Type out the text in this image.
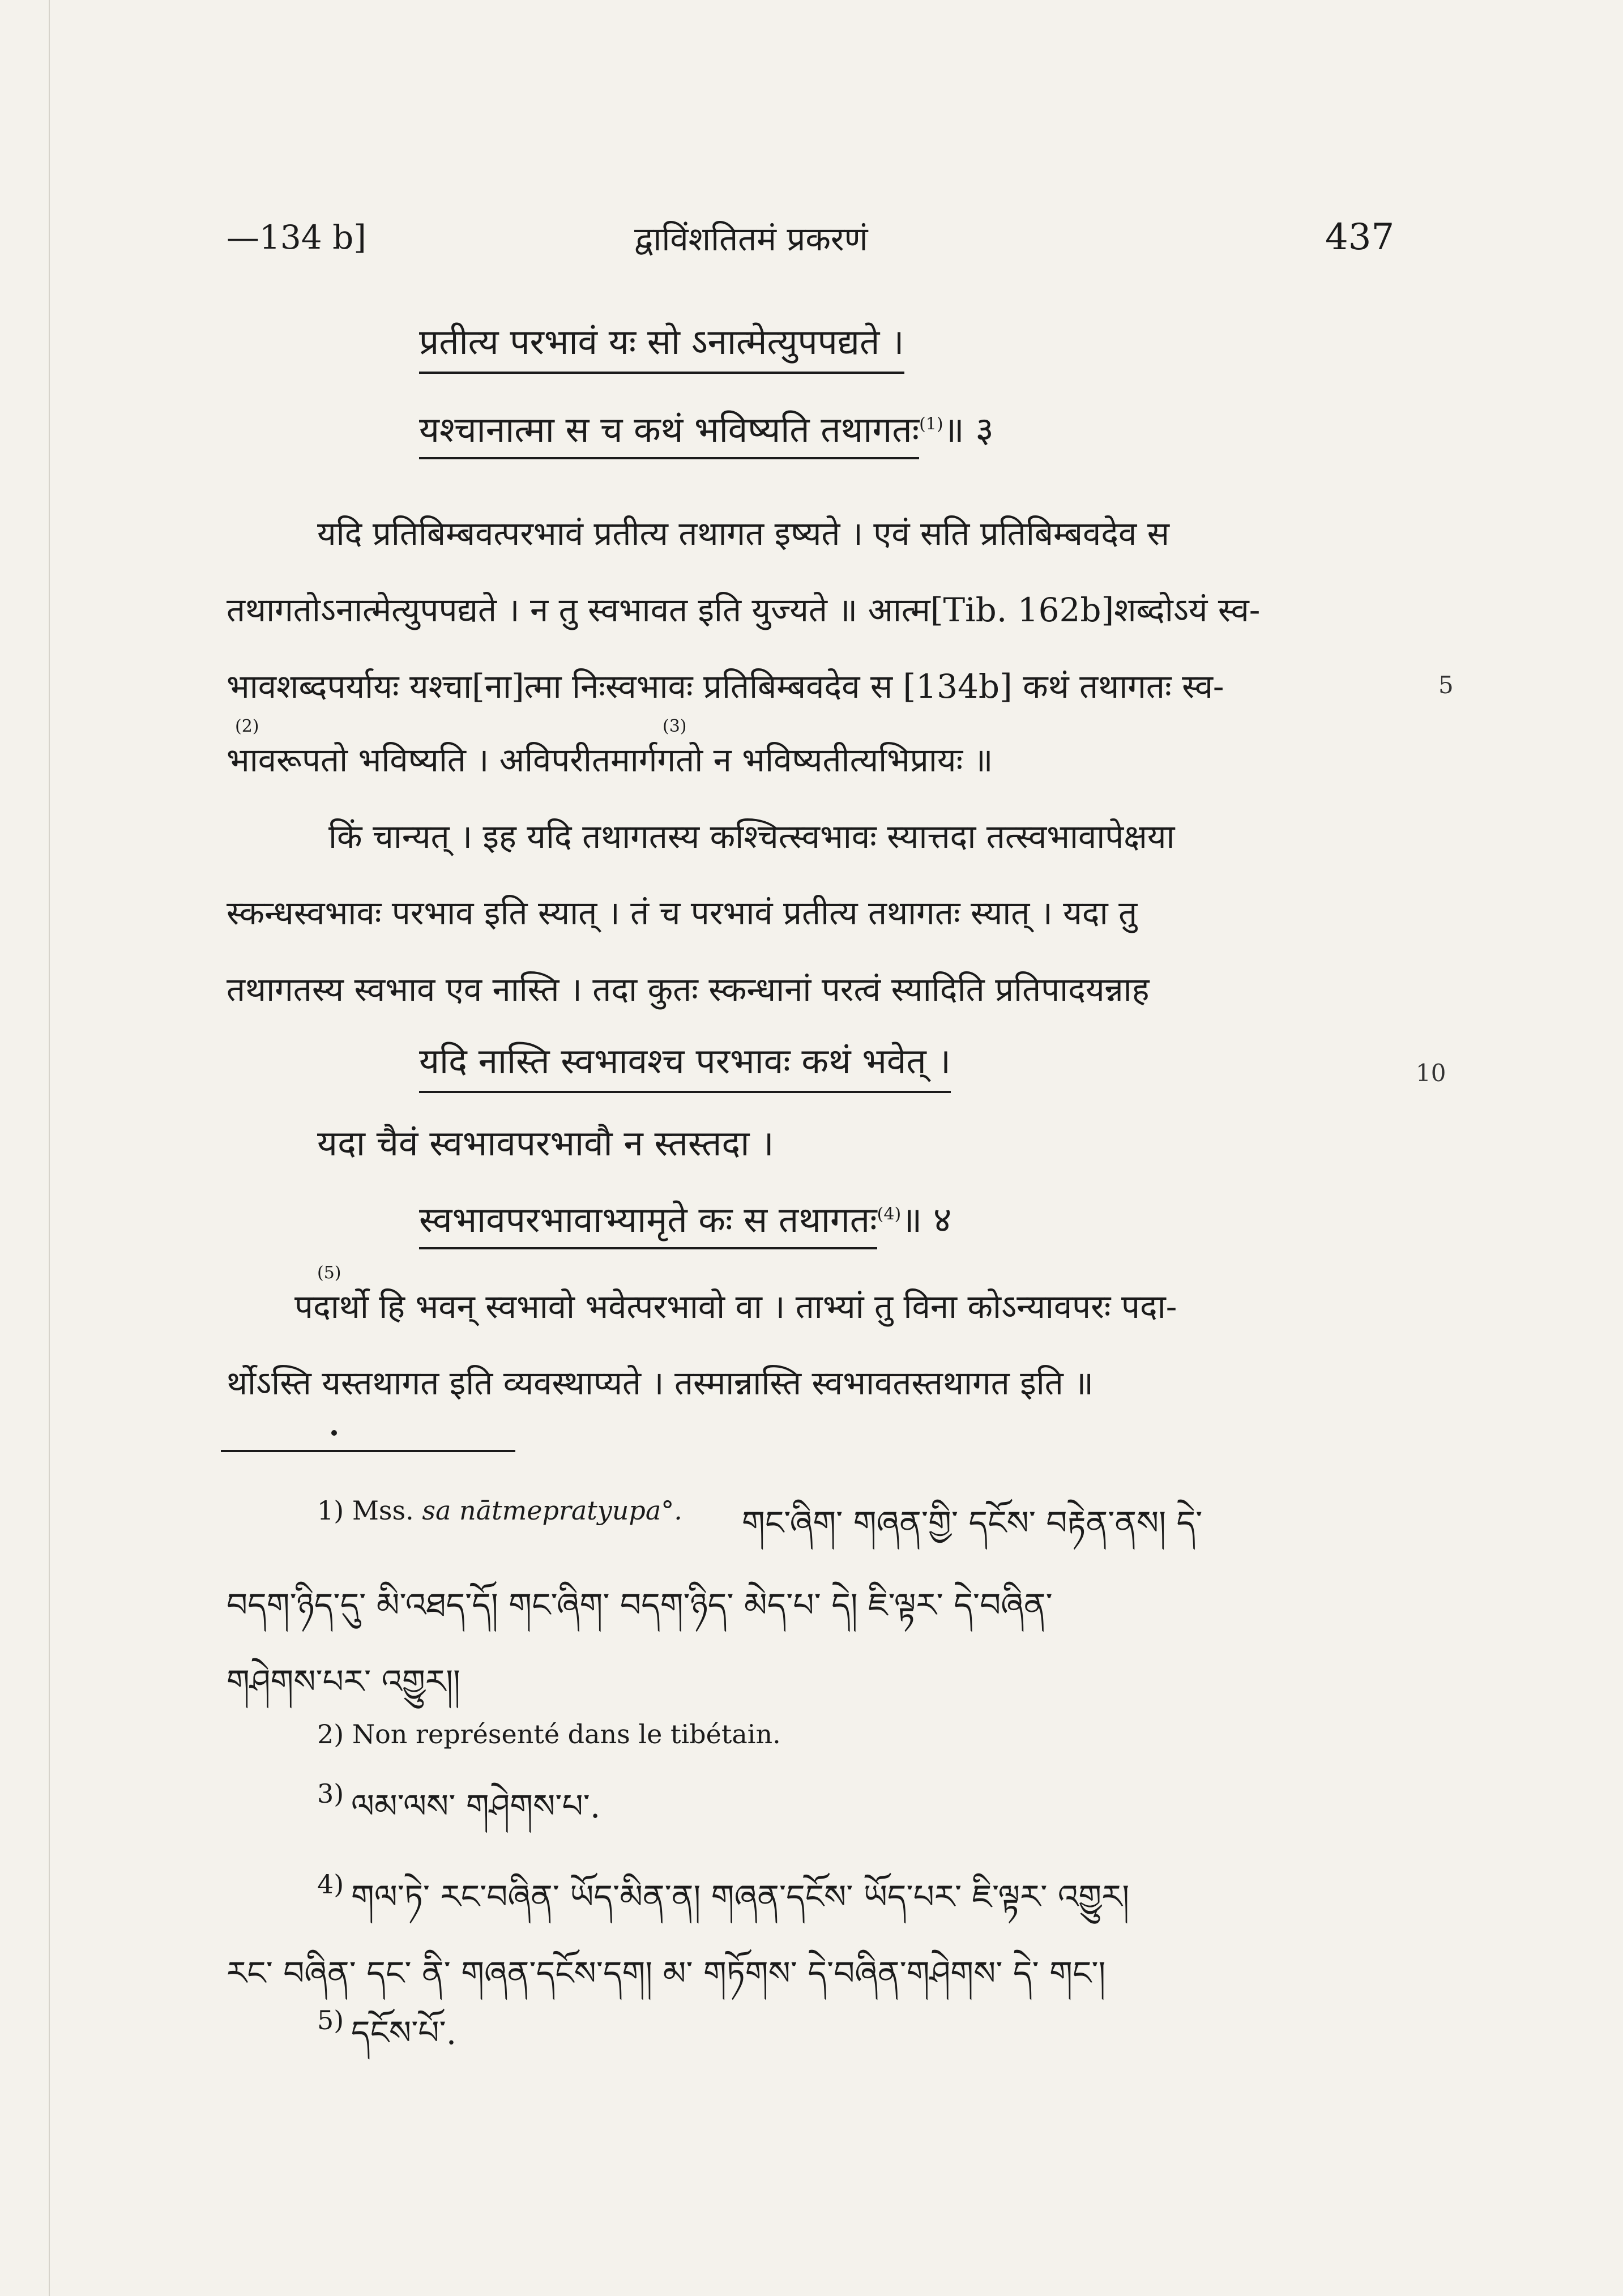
—134 b]	द्वाविंशतितमं प्रकरणं	437
प्रतीत्य परभावं यः सो ऽनात्मेत्युपपद्यते ।
यश्चानात्मा स च कथं भविष्यति तथागतः$^{(1)}$॥ ३
यदि प्रतिबिम्बवत्परभावं प्रतीत्य तथागत इष्यते । एवं सति प्रतिबिम्बवदेव स
तथागतोऽनात्मेत्युपपद्यते । न तु स्वभावत इति युज्यते ॥ आत्म[Tib. 162b]शब्दोऽयं स्व-
भावशब्दपर्यायः यश्चा[ना]त्मा निःस्वभावः प्रतिबिम्बवदेव स [134b] कथं तथागतः स्व-	5
(2)	(3)
भावरूपतो भविष्यति । अविपरीतमार्गगतो न भविष्यतीत्यभिप्रायः ॥
किं चान्यत् । इह यदि तथागतस्य कश्चित्स्वभावः स्यात्तदा तत्स्वभावापेक्षया
स्कन्धस्वभावः परभाव इति स्यात् । तं च परभावं प्रतीत्य तथागतः स्यात् । यदा तु
तथागतस्य स्वभाव एव नास्ति । तदा कुतः स्कन्धानां परत्वं स्यादिति प्रतिपादयन्नाह
यदि नास्ति स्वभावश्च परभावः कथं भवेत् ।	10
यदा चैवं स्वभावपरभावौ न स्तस्तदा ।
स्वभावपरभावाभ्यामृते कः स तथागतः$^{(4)}$॥ ४
(5)
पदार्थो हि भवन् स्वभावो भवेत्परभावो वा । ताभ्यां तु विना कोऽन्यावपरः पदा-
र्थोऽस्ति यस्तथागत इति व्यवस्थाप्यते । तस्मान्नास्ति स्वभावतस्तथागत इति ॥
1) Mss. sa nātmepratyupa°. གང་ཞིག་ གཞན་གྱི་ དངོས་ བརྟེན་ནས། དེ་
བདག་ཉིད་དུ་ མི་འཐད་དོ། གང་ཞིག་ བདག་ཉིད་ མེད་པ་ དེ། ཇི་ལྟར་ དེ་བཞིན་
གཤེགས་པར་ འགྱུར།།
2) Non représenté dans le tibétain.
3) ལམ་ལས་ གཤེགས་པ་.
4) གལ་ཏེ་ རང་བཞིན་ ཡོད་མིན་ན། གཞན་དངོས་ ཡོད་པར་ ཇི་ལྟར་ འགྱུར།
རང་ བཞིན་ དང་ ནི་ གཞན་དངོས་དག། མ་ གཏོགས་ དེ་བཞིན་གཤེགས་ དེ་ གང་།
5) དངོས་པོ་.
